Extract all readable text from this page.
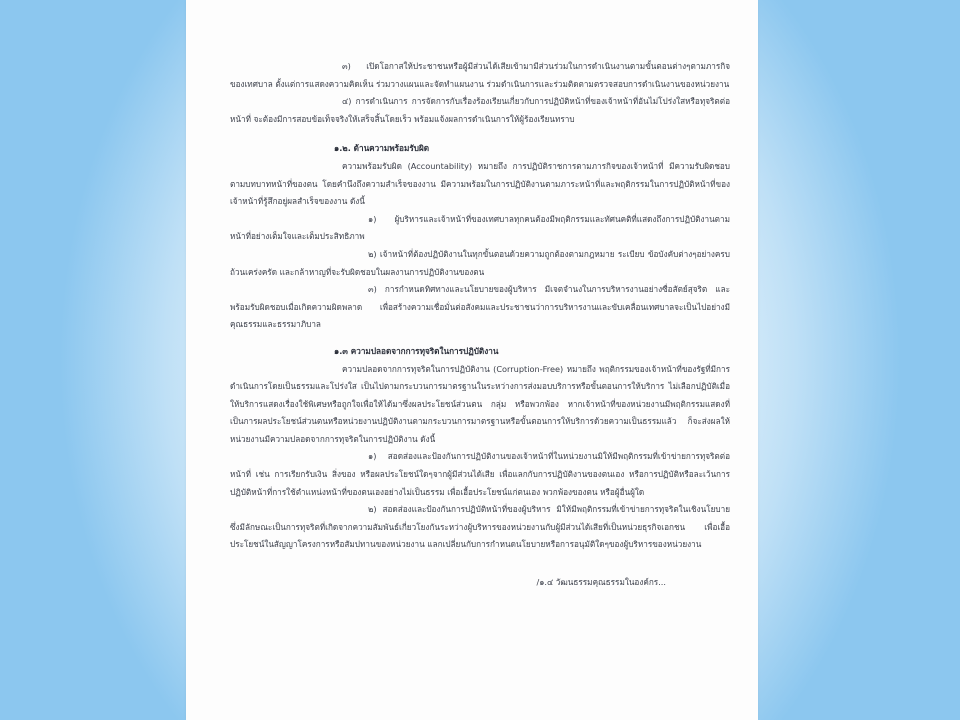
๓) เปิดโอกาสให้ประชาชนหรือผู้มีส่วนได้เสียเข้ามามีส่วนร่วมในการดำเนินงานตามขั้นตอนต่างๆตามภารกิจของเทศบาล ตั้งแต่การแสดงความคิดเห็น ร่วมวางแผนและจัดทำแผนงาน ร่วมดำเนินการและร่วมติดตามตรวจสอบการดำเนินงานของหน่วยงาน

๔) การดำเนินการ การจัดการกับเรื่องร้องเรียนเกี่ยวกับการปฏิบัติหน้าที่ของเจ้าหน้าที่อันไม่โปร่งใสหรือทุจริตต่อหน้าที่ จะต้องมีการสอบข้อเท็จจริงให้เสร็จสิ้นโดยเร็ว พร้อมแจ้งผลการดำเนินการให้ผู้ร้องเรียนทราบ

๑.๒. ด้านความพร้อมรับผิด

ความพร้อมรับผิด (Accountability) หมายถึง การปฏิบัติราชการตามภารกิจของเจ้าหน้าที่ มีความรับผิดชอบตามบทบาทหน้าที่ของตน โดยคำนึงถึงความสำเร็จของงาน มีความพร้อมในการปฏิบัติงานตามภาระหน้าที่และพฤติกรรมในการปฏิบัติหน้าที่ของเจ้าหน้าที่รู้สึกอยู่ผลสำเร็จของงาน ดังนี้

๑) ผู้บริหารและเจ้าหน้าที่ของเทศบาลทุกคนต้องมีพฤติกรรมและทัศนคติที่แสดงถึงการปฏิบัติงานตามหน้าที่อย่างเต็มใจและเต็มประสิทธิภาพ

๒) เจ้าหน้าที่ต้องปฏิบัติงานในทุกขั้นตอนด้วยความถูกต้องตามกฎหมาย ระเบียบ ข้อบังคับต่างๆอย่างครบถ้วนเคร่งครัด และกล้าหาญที่จะรับผิดชอบในผลงานการปฏิบัติงานของตน

๓) การกำหนดทิศทางและนโยบายของผู้บริหาร มีเจตจำนงในการบริหารงานอย่างซื่อสัตย์สุจริต และพร้อมรับผิดชอบเมื่อเกิดความผิดพลาด เพื่อสร้างความเชื่อมั่นต่อสังคมและประชาชนว่าการบริหารงานและขับเคลื่อนเทศบาลจะเป็นไปอย่างมีคุณธรรมและธรรมาภิบาล

๑.๓ ความปลอดจากการทุจริตในการปฏิบัติงาน

ความปลอดจากการทุจริตในการปฏิบัติงาน (Corruption-Free) หมายถึง พฤติกรรมของเจ้าหน้าที่ของรัฐที่มีการดำเนินการโดยเป็นธรรมและโปร่งใส เป็นไปตามกระบวนการมาตรฐานในระหว่างการส่งมอบบริการหรือขั้นตอนการให้บริการ ไม่เลือกปฏิบัติเมื่อให้บริการแสดงเรื่องใช้พิเศษหรือถูกใจเพื่อให้ได้มาซึ่งผลประโยชน์ส่วนตน กลุ่ม หรือพวกพ้อง หากเจ้าหน้าที่ของหน่วยงานมีพฤติกรรมแสดงที่เป็นการผลประโยชน์ส่วนตนหรือหน่วยงานปฏิบัติงานตามกระบวนการมาตรฐานหรือขั้นตอนการให้บริการด้วยความเป็นธรรมแล้ว ก็จะส่งผลให้หน่วยงานมีความปลอดจากการทุจริตในการปฏิบัติงาน ดังนี้

๑) สอดส่องและป้องกันการปฏิบัติงานของเจ้าหน้าที่ในหน่วยงานมิให้มีพฤติกรรมที่เข้าข่ายการทุจริตต่อหน้าที่ เช่น การเรียกรับเงิน สิ่งของ หรือผลประโยชน์ใดๆจากผู้มีส่วนได้เสีย เพื่อแลกกับการปฏิบัติงานของตนเอง หรือการปฏิบัติหรือละเว้นการปฏิบัติหน้าที่การใช้ตำแหน่งหน้าที่ของตนเองอย่างไม่เป็นธรรม เพื่อเอื้อประโยชน์แก่ตนเอง พวกพ้องของตน หรือผู้อื่นผู้ใด

๒) สอดส่องและป้องกันการปฏิบัติหน้าที่ของผู้บริหาร มิให้มีพฤติกรรมที่เข้าข่ายการทุจริตในเชิงนโยบาย ซึ่งมีลักษณะเป็นการทุจริตที่เกิดจากความสัมพันธ์เกี่ยวโยงกันระหว่างผู้บริหารของหน่วยงานกับผู้มีส่วนได้เสียที่เป็นหน่วยธุรกิจเอกชน เพื่อเอื้อประโยชน์ในสัญญาโครงการหรือสัมปทานของหน่วยงาน แลกเปลี่ยนกับการกำหนดนโยบายหรือการอนุมัติใดๆของผู้บริหารของหน่วยงาน

/๑.๔ วัฒนธรรมคุณธรรมในองค์กร...
